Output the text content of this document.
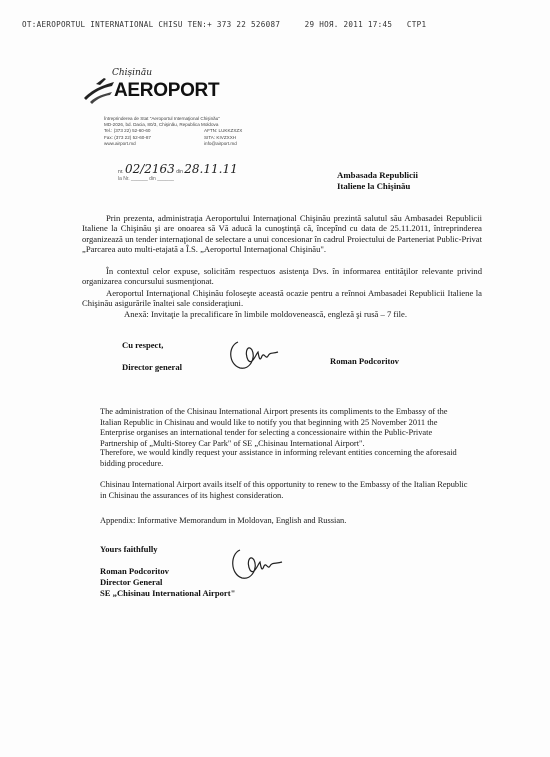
OT:AEROPORTUL INTERNATIONAL CHISU TEN:+ 373 22 526087	29 НОЯ. 2011 17:45 CTP1
Chișinău
AEROPORT
Întreprinderea de Stat "Aeroportul Internaţional Chişinău"
MD-2026, bd. Dacia, 80/3, Chişinău, Republica Moldova
Tel.: (373 22) 52-60-60	AFTN: LUKKZXZX
Fax: (373 22) 52-60-87	SITA: KIVZXXH
www.airport.md	info@airport.md
nr. 02/2163 din 28.11.11
la Nr. ______ din ______	Ambasada Republicii
Italiene la Chişinău
Prin prezenta, administraţia Aeroportului Internaţional Chişinău prezintă salutul său Ambasadei Republicii Italiene la Chişinău şi are onoarea să Vă aducă la cunoştinţă că, începînd cu data de 25.11.2011, întreprinderea organizează un tender internaţional de selectare a unui concesionar în cadrul Proiectului de Parteneriat Public-Privat „Parcarea auto multi-etajată a Î.S. „Aeroportul Internaţional Chişinău".
În contextul celor expuse, solicităm respectuos asistenţa Dvs. în informarea entităţilor relevante privind organizarea concursului susmenţionat.
Aeroportul Internaţional Chişinău foloseşte această ocazie pentru a reînnoi Ambasadei Republicii Italiene la Chişinău asigurările înaltei sale consideraţiuni.
Anexă: Invitaţie la precalificare în limbile moldovenească, engleză şi rusă – 7 file.
Cu respect,
Director general
Roman Podcoritov
The administration of the Chisinau International Airport presents its compliments to the Embassy of the Italian Republic in Chisinau and would like to notify you that beginning with 25 November 2011 the Enterprise organises an international tender for selecting a concessionaire within the Public-Private Partnership of „Multi-Storey Car Park" of SE „Chisinau International Airport".
Therefore, we would kindly request your assistance in informing relevant entities concerning the aforesaid bidding procedure.
Chisinau International Airport avails itself of this opportunity to renew to the Embassy of the Italian Republic in Chisinau the assurances of its highest consideration.
Appendix: Informative Memorandum in Moldovan, English and Russian.
Yours faithfully
Roman Podcoritov
Director General
SE „Chisinau International Airport"
